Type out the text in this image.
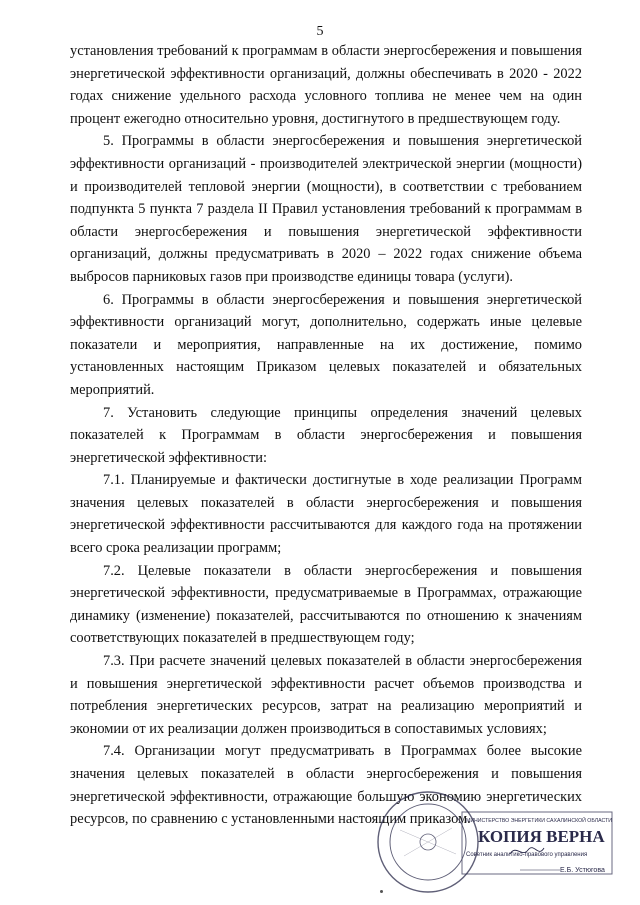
5

установления требований к программам в области энергосбережения и повышения энергетической эффективности организаций, должны обеспечивать в 2020 - 2022 годах снижение удельного расхода условного топлива не менее чем на один процент ежегодно относительно уровня, достигнутого в предшествующем году.

5. Программы в области энергосбережения и повышения энергетической эффективности организаций - производителей электрической энергии (мощности) и производителей тепловой энергии (мощности), в соответствии с требованием подпункта 5 пункта 7 раздела II Правил установления требований к программам в области энергосбережения и повышения энергетической эффективности организаций, должны предусматривать в 2020 – 2022 годах снижение объема выбросов парниковых газов при производстве единицы товара (услуги).

6. Программы в области энергосбережения и повышения энергетической эффективности организаций могут, дополнительно, содержать иные целевые показатели и мероприятия, направленные на их достижение, помимо установленных настоящим Приказом целевых показателей и обязательных мероприятий.

7. Установить следующие принципы определения значений целевых показателей к Программам в области энергосбережения и повышения энергетической эффективности:

7.1. Планируемые и фактически достигнутые в ходе реализации Программ значения целевых показателей в области энергосбережения и повышения энергетической эффективности рассчитываются для каждого года на протяжении всего срока реализации программ;

7.2. Целевые показатели в области энергосбережения и повышения энергетической эффективности, предусматриваемые в Программах, отражающие динамику (изменение) показателей, рассчитываются по отношению к значениям соответствующих показателей в предшествующем году;

7.3. При расчете значений целевых показателей в области энергосбережения и повышения энергетической эффективности расчет объемов производства и потребления энергетических ресурсов, затрат на реализацию мероприятий и экономии от их реализации должен производиться в сопоставимых условиях;

7.4. Организации могут предусматривать в Программах более высокие значения целевых показателей в области энергосбережения и повышения энергетической эффективности, отражающие большую экономию энергетических ресурсов, по сравнению с установленными настоящим приказом.

МИНИСТЕРСТВО ЭНЕРГЕТИКИ САХАЛИНСКОЙ ОБЛАСТИ
КОПИЯ ВЕРНА
Советник аналитико-правового управления
Е.Б. Устюгова
